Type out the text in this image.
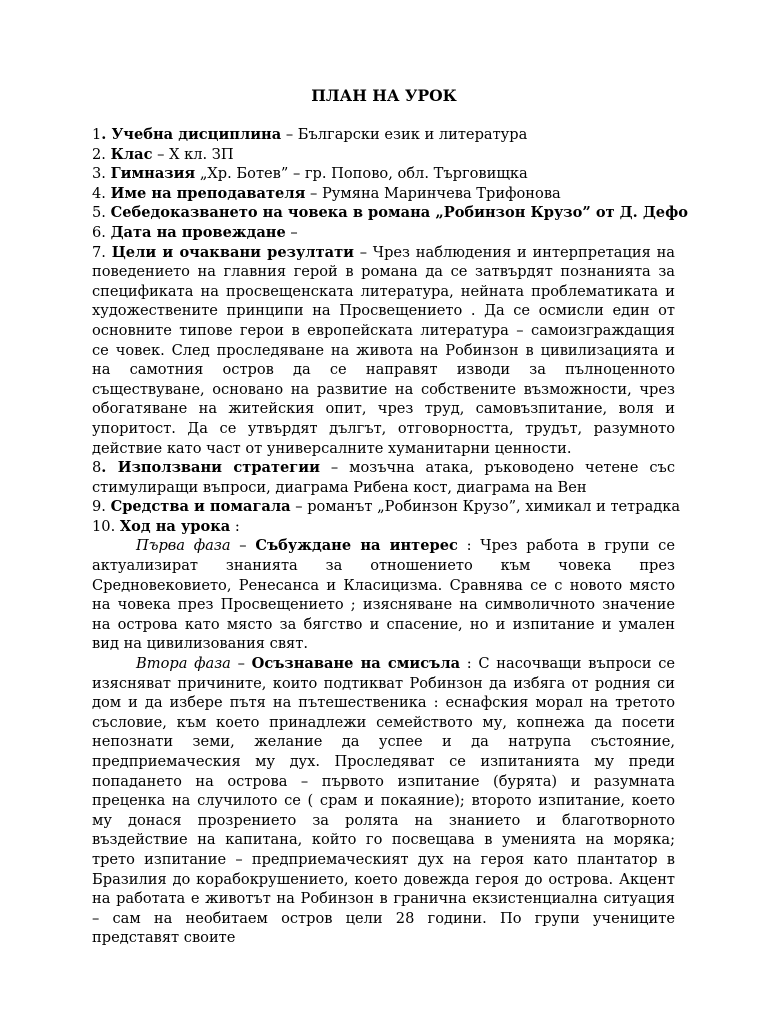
ПЛАН НА УРОК
1. Учебна дисциплина – Български език и литература
2. Клас – X кл. ЗП
3. Гимназия „Хр. Ботев” – гр. Попово, обл. Търговищка
4. Име на преподавателя – Румяна Маринчева Трифонова
5. Себедоказването на човека в романа „Робинзон Крузо” от Д. Дефо
6. Дата на провеждане –
7. Цели и очаквани резултати – Чрез наблюдения и интерпретация на поведението на главния герой в романа да се затвърдят познанията за спецификата на просвещенската литература, нейната проблематиката и художествените принципи на Просвещението . Да се осмисли един от основните типове герои в европейската литература – самоизграждащия се човек. След проследяване на живота на Робинзон в цивилизацията и на самотния остров да се направят изводи за пълноценното съществуване, основано на развитие на собствените възможности, чрез обогатяване на житейския опит, чрез труд, самовъзпитание, воля и упоритост. Да се утвърдят дългът, отговорността, трудът, разумното действие като част от универсалните хуманитарни ценности.
8. Използвани стратегии – мозъчна атака, ръководено четене със стимулиращи въпроси, диаграма Рибена кост, диаграма на Вен
9. Средства и помагала – романът „Робинзон Крузо”, химикал и тетрадка
10. Ход на урока :
Първа фаза – Събуждане на интерес : Чрез работа в групи се актуализират знанията за отношението към човека през Средновековието, Ренесанса и Класицизма. Сравнява се с новото място на човека през Просвещението ; изясняване на символичното значение на острова като място за бягство и спасение, но и изпитание и умален вид на цивилизования свят.
Втора фаза – Осъзнаване на смисъла : С насочващи въпроси се изясняват причините, които подтикват Робинзон да избяга от родния си дом и да избере пътя на пътешественика : еснафския морал на третото съсловие, към което принадлежи семейството му, копнежа да посети непознати земи, желание да успее и да натрупа състояние, предприемаческия му дух. Проследяват се изпитанията му преди попадането на острова – първото изпитание (бурята) и разумната преценка на случилото се ( срам и покаяние); второто изпитание, което му донася прозрението за ролята на знанието и благотворното въздействие на капитана, който го посвещава в уменията на моряка; трето изпитание – предприемаческият дух на героя като плантатор в Бразилия до корабокрушението, което довежда героя до острова. Акцент на работата е животът на Робинзон в гранична екзистенциална ситуация – сам на необитаем остров цели 28 години. По групи учениците представят своите
